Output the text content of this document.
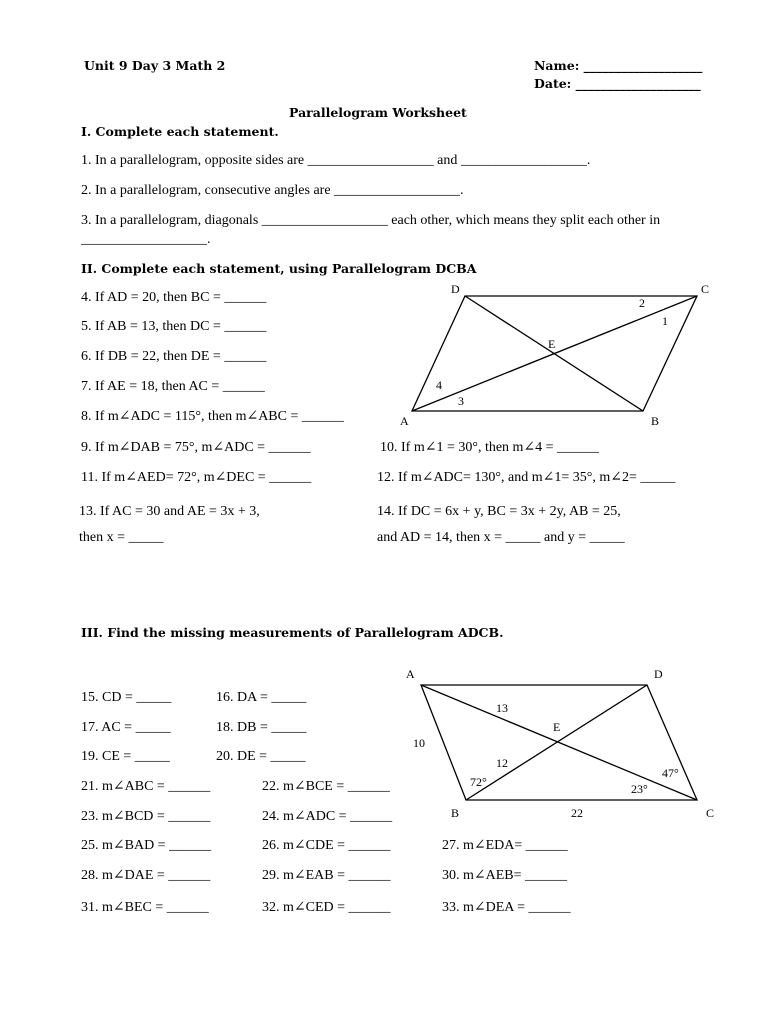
Unit 9 Day 3 Math 2	Name: ___________________
Date: ____________________
Parallelogram Worksheet
I. Complete each statement.
1. In a parallelogram, opposite sides are __________________ and __________________.
2. In a parallelogram, consecutive angles are __________________.
3. In a parallelogram, diagonals __________________ each other, which means they split each other in
__________________.
II. Complete each statement, using Parallelogram DCBA
4. If AD = 20, then BC = ______
5. If AB = 13, then DC = ______
6. If DB = 22, then DE = ______
7. If AE = 18, then AC = ______
8. If m∠ADC = 115°, then m∠ABC = ______
9. If m∠DAB = 75°, m∠ADC = ______	10. If m∠1 = 30°, then m∠4 = ______
11. If m∠AED= 72°, m∠DEC = ______	12. If m∠ADC= 130°, and m∠1= 35°, m∠2= _____
13. If AC = 30 and AE = 3x + 3,
then x = _____
14. If DC = 6x + y, BC = 3x + 2y, AB = 25,
and AD = 14, then x = _____ and y = _____
D	C
A	B
E
1
2
3
4
III. Find the missing measurements of Parallelogram ADCB.
15. CD = _____	16. DA = _____
17. AC = _____	18. DB = _____
19. CE = _____	20. DE = _____
21. m∠ABC = ______	22. m∠BCE = ______
23. m∠BCD = ______	24. m∠ADC = ______
25. m∠BAD = ______	26. m∠CDE = ______	27. m∠EDA= ______
28. m∠DAE = ______	29. m∠EAB = ______	30. m∠AEB= ______
31. m∠BEC = ______	32. m∠CED = ______	33. m∠DEA = ______
A	D
B	C
E
13
10
12
22
72°
47°
23°
